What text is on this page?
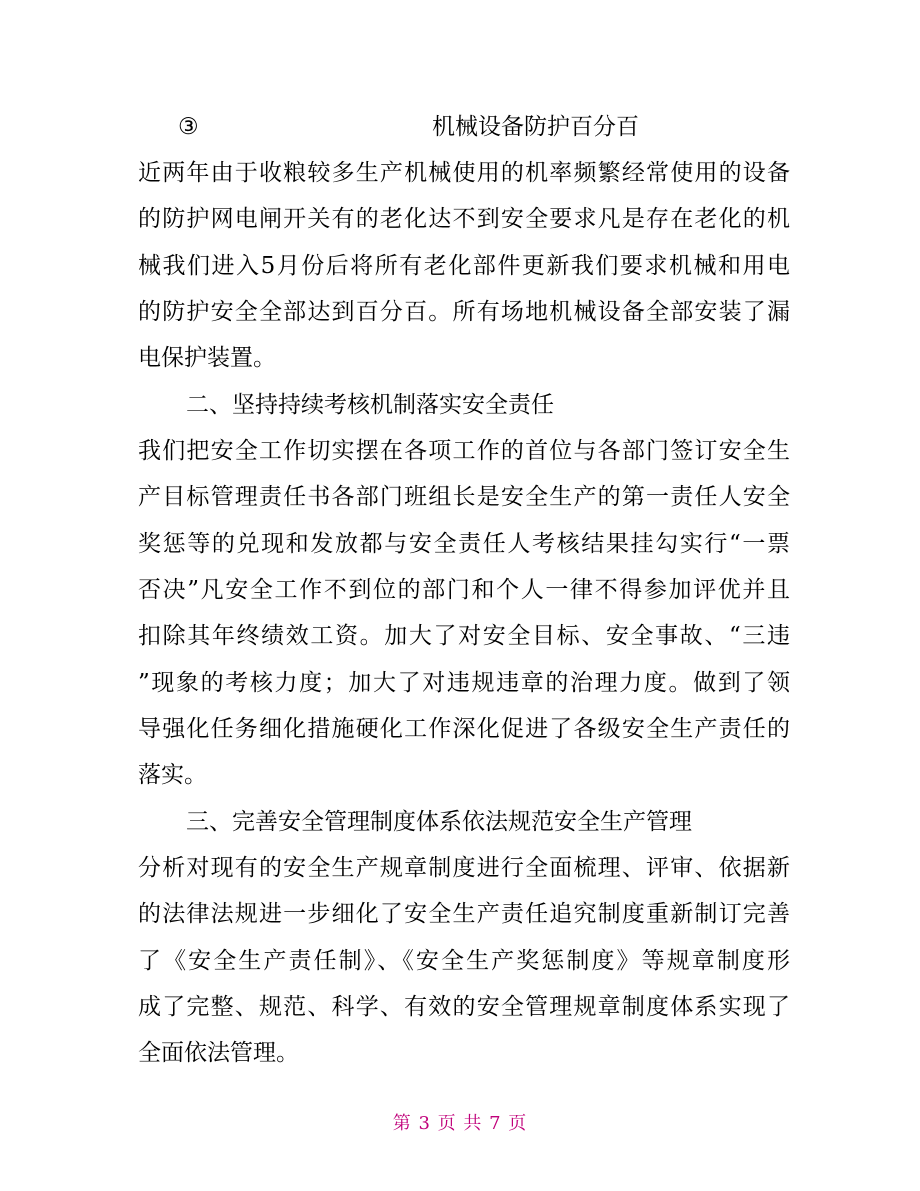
③	机械设备防护百分百
近两年由于收粮较多生产机械使用的机率频繁经常使用的设备
的防护网电闸开关有的老化达不到安全要求凡是存在老化的机
械我们进入5月份后将所有老化部件更新我们要求机械和用电
的防护安全全部达到百分百。所有场地机械设备全部安装了漏
电保护装置。
二、坚持持续考核机制落实安全责任
我们把安全工作切实摆在各项工作的首位与各部门签订安全生
产目标管理责任书各部门班组长是安全生产的第一责任人安全
奖惩等的兑现和发放都与安全责任人考核结果挂勾实行“一票
否决”凡安全工作不到位的部门和个人一律不得参加评优并且
扣除其年终绩效工资。加大了对安全目标、安全事故、“三违
”现象的考核力度；加大了对违规违章的治理力度。做到了领
导强化任务细化措施硬化工作深化促进了各级安全生产责任的
落实。
三、完善安全管理制度体系依法规范安全生产管理
分析对现有的安全生产规章制度进行全面梳理、评审、依据新
的法律法规进一步细化了安全生产责任追究制度重新制订完善
了《安全生产责任制》、《安全生产奖惩制度》等规章制度形
成了完整、规范、科学、有效的安全管理规章制度体系实现了
全面依法管理。
第 3 页 共 7 页
